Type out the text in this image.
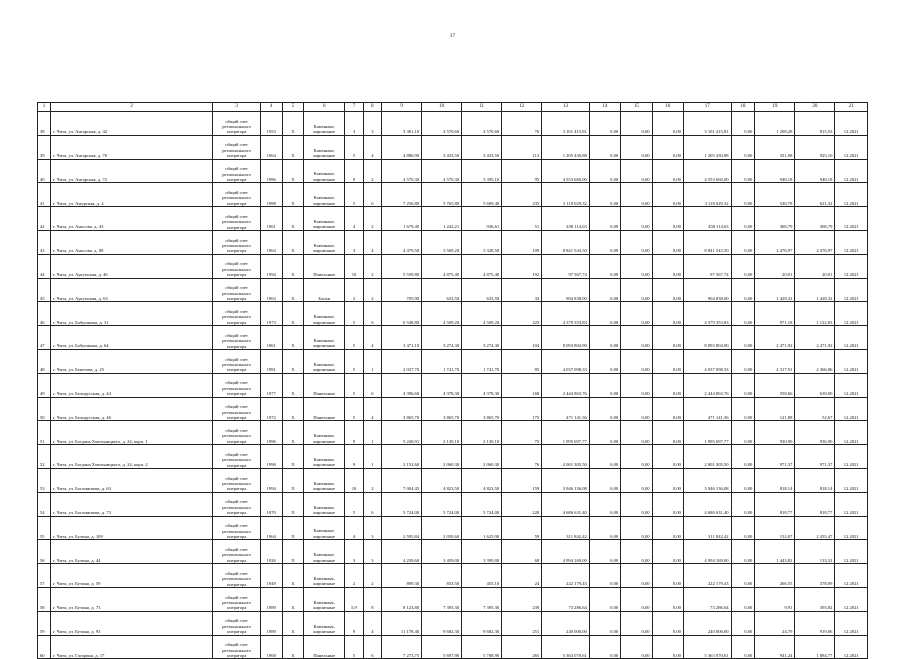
17
1	2	3	4	5	6	7	8	9	10	11	12	13	14	15	16	17	18	19	20	21
38	г. Чита, ул. Ангарская, д. 42	общий счет регионального оператора	1953	X	Каменные, кирпичные	3	3	3 381,10	2 570,60	2 570,60	76	3 101 415,81	0,00	0,00	0,00	3 101 415,81	0,00	1 208,28	815,53	12.2021
39	г. Чита, ул. Ангарская, д. 70	общий счет регионального оператора	1964	X	Каменные, кирпичные	5	4	4 886,90	3 433,50	3 433,50	113	1 205 430,88	0,00	0,00	0,00	1 205 430,88	0,00	351,08	925,10	12.2021
40	г. Чита, ул. Ангарская, д. 72	общий счет регионального оператора	1986	X	Каменные, кирпичные	9	2	4 570,30	4 570,30	3 395,10	95	4 553 660,00	0,00	0,00	0,00	4 553 660,00	0,00	948,18	948,18	12.2021
41	г. Чита, ул. Амурская, д. 4	общий счет регионального оператора	1988	X	Каменные, кирпичные	5	6	7 256,80	5 765,80	5 609,40	235	3 118 029,32	0,00	0,00	0,00	3 118 029,32	0,00	540,78	621,32	12.2021
42	г. Чита, ул. Аносова, д. 43	общий счет регионального оператора	1961	X	Каменные, кирпичные	4	2	1 679,40	1 242,21	936,61	51	458 114,63	0,00	0,00	0,00	458 114,63	0,00	368,79	368,79	12.2021
43	г. Чита, ул. Аносова, д. 88	общий счет регионального оператора	1964	X	Каменные, кирпичные	3	4	4 479,50	3 569,20	3 328,50	109	8 841 543,50	0,00	0,00	0,00	8 841 543,50	0,00	2 476,97	2 476,97	12.2021
44	г. Чита, ул. Артумская, д. 46	общий счет регионального оператора	1994	X	Панельные	10	2	5 559,80	4 875,40	4 875,40	192	97 567,74	0,00	0,00	0,00	97 567,74	0,00	20,01	20,01	12.2021
45	г. Чита, ул. Артумская, д. 63	общий счет регионального оператора	1963	X	Блоки	2	2	705,90	633,50	633,50	33	904 838,00	0,00	0,00	0,00	904 838,00	0,00	1 428,32	1 428,32	12.2021
46	г. Чита, ул. Бабушкина, д. 31	общий счет регионального оператора	1973	X	Каменные, кирпичные	5	6	6 548,80	4 509,20	4 509,20	225	4 379 353,83	0,00	0,00	0,00	4 379 353,83	0,00	971,18	1 122,83	12.2021
47	г. Чита, ул. Бабушкина, д. 64	общий счет регионального оператора	1961	X	Каменные, кирпичные	5	4	3 471,10	3 274,30	3 274,30	104	8 093 804,90	0,00	0,00	0,00	8 093 804,90	0,00	2 471,92	2 471,92	12.2021
48	г. Чита, ул. Бекетова, д. 25	общий счет регионального оператора	1981	X	Каменные, кирпичные	5	1	2 037,70	1 741,70	1 741,70	85	4 037 098,33	0,00	0,00	0,00	4 037 098,33	0,00	2 317,91	2 366,86	12.2021
49	г. Чита, ул. Белорусская, д. 44	общий счет регионального оператора	1977	X	Панельные	5	6	4 396,60	4 378,30	4 378,30	168	2 444 863,76	0,00	0,00	0,00	2 444 863,76	0,00	558,66	639,00	12.2021
50	г. Чита, ул. Белорусская, д. 46	общий счет регионального оператора	1972	X	Панельные	5	4	3 865,70	3 865,70	3 865,70	175	471 141,36	0,00	0,00	0,00	471 141,36	0,00	121,88	52,67	12.2021
51	г. Чита, ул. Богдана Хмельницкого, д. 24, корп. 1	общий счет регионального оператора	1996	X	Каменные, кирпичные	9	1	5 240,91	2 130,10	2 130,10	75	1 995 697,77	0,00	0,00	0,00	1 995 697,77	0,00	930,90	936,90	12.2021
52	г. Чита, ул. Богдана Хмельницкого, д. 24, корп. 2	общий счет регионального оператора	1996	X	Каменные, кирпичные	9	1	2 152,60	2 060,30	2 060,30	76	2 001 305,50	0,00	0,00	0,00	2 001 305,50	0,00	971,37	971,37	12.2021
53	г. Чита, ул. Богомягкова, д. 63	общий счет регионального оператора	1994	X	Каменные, кирпичные	10	2	7 004,45	4 823,50	4 823,50	159	3 946 136,08	0,00	0,00	0,00	3 946 136,08	0,00	818,14	818,14	12.2021
54	г. Чита, ул. Богомягкова, д. 73	общий счет регионального оператора	1970	X	Каменные, кирпичные	5	6	5 724,00	5 724,00	5 724,00	228	4 686 631,40	0,00	0,00	0,00	4 686 631,40	0,00	818,77	818,77	12.2021
55	г. Чита, ул. Бутина, д. 109	общий счет регионального оператора	1964	X	Каменные, кирпичные	4	3	2 595,84	2 050,60	1 625,90	59	311 842,42	0,00	0,00	0,00	311 842,42	0,00	152,07	2 435,47	12.2021
56	г. Чита, ул. Бутина, д. 44	общий счет регионального оператора	1926	X	Каменные, кирпичные	3	3	4 239,60	3 459,00	3 399,00	68	4 994 169,00	0,00	0,00	0,00	4 994 169,00	0,00	1 443,82	133,32	12.2021
57	г. Чита, ул. Бутина, д. 59	общий счет регионального оператора	1949	X	Каменные, кирпичные	2	2	899,30	833,50	455,10	24	222 179,43	0,00	0,00	0,00	222 179,43	0,00	266,55	378,09	12.2021
58	г. Чита, ул. Бутина, д. 73	общий счет регионального оператора	1989	X	Каменные, кирпичные	5,9	8	8 123,80	7 395,30	7 395,30	239	73 286,64	0,00	0,00	0,00	73 286,64	0,00	9,91	393,82	12.2021
59	г. Чита, ул. Бутина, д. 93	общий счет регионального оператора	1989	X	Каменные, кирпичные	9	4	11 178,40	9 682,30	9 682,30	251	240 000,00	0,00	0,00	0,00	240 000,00	0,00	24,79	919,06	12.2021
60	г. Чита, ул. Гагарина, д. 17	общий счет регионального оператора	1968	X	Панельные	5	6	7 273,75	5 697,90	5 708,90	265	5 363 070,61	0,00	0,00	0,00	5 363 070,61	0,00	941,24	1 884,77	12.2021
